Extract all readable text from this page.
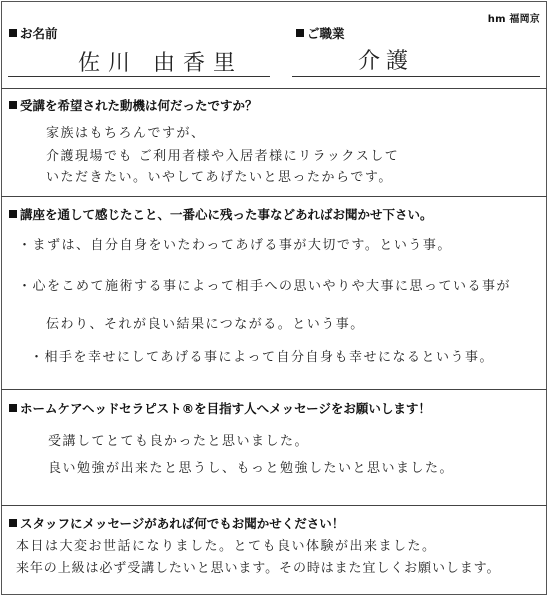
hm 福岡京
お名前
佐川 由香里
ご職業
介護
受講を希望された動機は何だったですか？
家族はもちろんですが、
介護現場でも ご利用者様や入居者様にリラックスして
いただきたい。いやしてあげたいと思ったからです。
講座を通して感じたこと、一番心に残った事などあればお聞かせ下さい。
・まずは、自分自身をいたわってあげる事が大切です。という事。
・心をこめて施術する事によって相手への思いやりや大事に思っている事が
伝わり、それが良い結果につながる。という事。
・相手を幸せにしてあげる事によって自分自身も幸せになるという事。
ホームケアヘッドセラピスト®を目指す人へメッセージをお願いします！
受講してとても良かったと思いました。
良い勉強が出来たと思うし、もっと勉強したいと思いました。
スタッフにメッセージがあれば何でもお聞かせください！
本日は大変お世話になりました。とても良い体験が出来ました。
来年の上級は必ず受講したいと思います。その時はまた宜しくお願いします。
